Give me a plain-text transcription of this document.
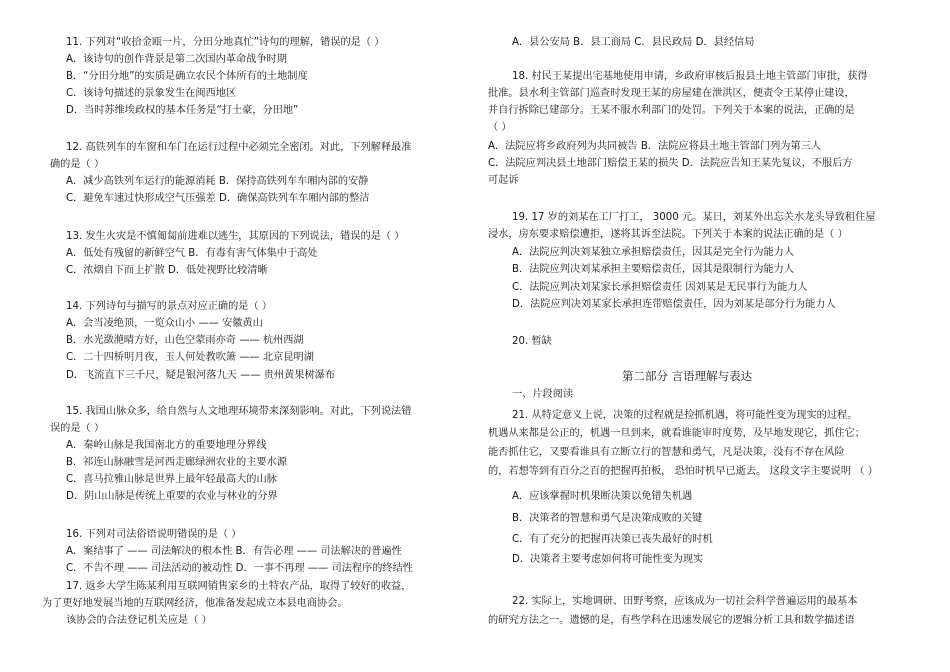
11. 下列对“收拾金瓯一片，分田分地真忙”诗句的理解，错误的是（ ）
A．该诗句的创作背景是第二次国内革命战争时期
B．“分田分地”的实质是确立农民个体所有的土地制度
C．该诗句描述的景象发生在闽西地区
D．当时苏维埃政权的基本任务是“打土豪，分田地”
12. 高铁列车的车窗和车门在运行过程中必须完全密闭。对此，下列解释最准
确的是（ ）
A．减少高铁列车运行的能源消耗 B．保持高铁列车车厢内部的安静
C．避免车速过快形成空气压强差 D．确保高铁列车车厢内部的整洁
13. 发生火灾是不慎匍匐前进难以逃生，其原因的下列说法，错误的是（ ）
A．低处有残留的新鲜空气 B．有毒有害气体集中于高处
C．浓烟自下而上扩散 D．低处视野比较清晰
14. 下列诗句与描写的景点对应正确的是（ ）
A．会当凌绝顶，一览众山小 —— 安徽黄山
B．水光潋滟晴方好，山色空蒙雨亦奇 —— 杭州西湖
C．二十四桥明月夜，玉人何处教吹箫 —— 北京昆明湖
D．飞流直下三千尺，疑是银河落九天 —— 贵州黄果树瀑布
15. 我国山脉众多，给自然与人文地理环境带来深刻影响。对此，下列说法错
误的是（ ）
A．秦岭山脉是我国南北方的重要地理分界线
B．祁连山脉融雪是河西走廊绿洲农业的主要水源
C．喜马拉雅山脉是世界上最年轻最高大的山脉
D．阴山山脉是传统上重要的农业与林业的分界
16. 下列对司法俗语说明错误的是（ ）
A．案结事了 —— 司法解决的根本性 B．有告必理 —— 司法解决的普遍性
C．不告不理 —— 司法活动的被动性 D．一事不再理 —— 司法程序的终结性
17. 返乡大学生陈某利用互联网销售家乡的土特农产品，取得了较好的收益，
为了更好地发展当地的互联网经济，他准备发起成立本县电商协会。
该协会的合法登记机关应是（ ）
A．县公安局 B．县工商局 C．县民政局 D．县经信局
18. 村民王某提出宅基地使用申请，乡政府审核后报县土地主管部门审批，获得
批准。县水利主管部门巡查时发现王某的房屋建在泄洪区，便责令王某停止建设，
并自行拆除已建部分。王某不服水利部门的处罚。下列关于本案的说法，正确的是
（ ）
A．法院应将乡政府列为共同被告 B．法院应将县土地主管部门列为第三人
C．法院应判决县土地部门赔偿王某的损失 D．法院应告知王某先复议，不服后方
可起诉
19. 17 岁的刘某在工厂打工， 3000 元。某日，刘某外出忘关水龙头导致租住屋
浸水，房东要求赔偿遭拒，遂将其诉至法院。下列关于本案的说法正确的是（ ）
A．法院应判决刘某独立承担赔偿责任，因其是完全行为能力人
B．法院应判决刘某承担主要赔偿责任，因其是限制行为能力人
C．法院应判决刘某家长承担赔偿责任 因刘某是无民事行为能力人
D．法院应判决刘某家长承担连带赔偿责任，因为刘某是部分行为能力人
20. 暂缺
第二部分 言语理解与表达
一、片段阅读
21. 从特定意义上说，决策的过程就是捡抓机遇，将可能性变为现实的过程。
机遇从来都是公正的，机遇一旦到来，就看谁能审时度势，及早地发现它，抓住它；
能否抓住它，又要看谁具有立断立行的智慧和勇气，凡是决策，没有不存在风险
的，若想等到有百分之百的把握再拍板， 恐怕时机早已逝去。 这段文字主要说明 （ ）
A．应该掌握时机果断决策以免错失机遇
B．决策者的智慧和勇气是决策成败的关键
C．有了充分的把握再决策已丧失最好的时机
D．决策者主要考虑如何将可能性变为现实
22. 实际上，实地调研、田野考察，应该成为一切社会科学普遍运用的最基本
的研究方法之一。遗憾的是，有些学科在迅速发展它的逻辑分析工具和数学描述语
